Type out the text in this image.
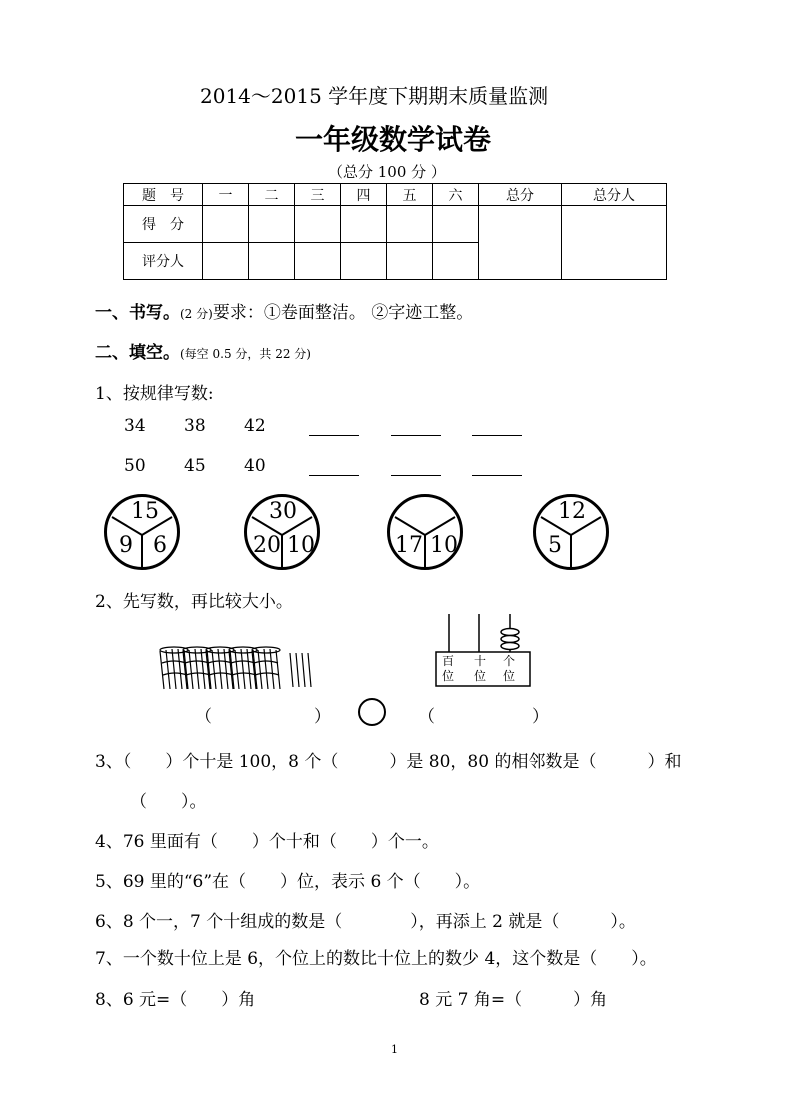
2014～2015 学年度下期期末质量监测
一年级数学试卷
（总分 100 分 ）
题　号	一	二	三	四	五	六	总分	总分人
得　分								
评分人								
一、书写。(2 分)要求：①卷面整洁。 ②字迹工整。
二、填空。(每空 0.5 分，共 22 分)
1、按规律写数:
34 38 42
50 45 40
15
9 6
30
20 10	17 10
12
5
2、先写数，再比较大小。
百
位
十
位
个
位
（	）	（	）
3、（　　）个十是 100，8 个（　　　）是 80，80 的相邻数是（　　　）和
（　　）。
4、76 里面有（　　）个十和（　　）个一。
5、69 里的“6”在（　　）位，表示 6 个（　　）。
6、8 个一，7 个十组成的数是（　　　　），再添上 2 就是（　　　）。
7、一个数十位上是 6，个位上的数比十位上的数少 4，这个数是（　　）。
8、6 元=（　　）角	8 元 7 角=（　　　）角
1
